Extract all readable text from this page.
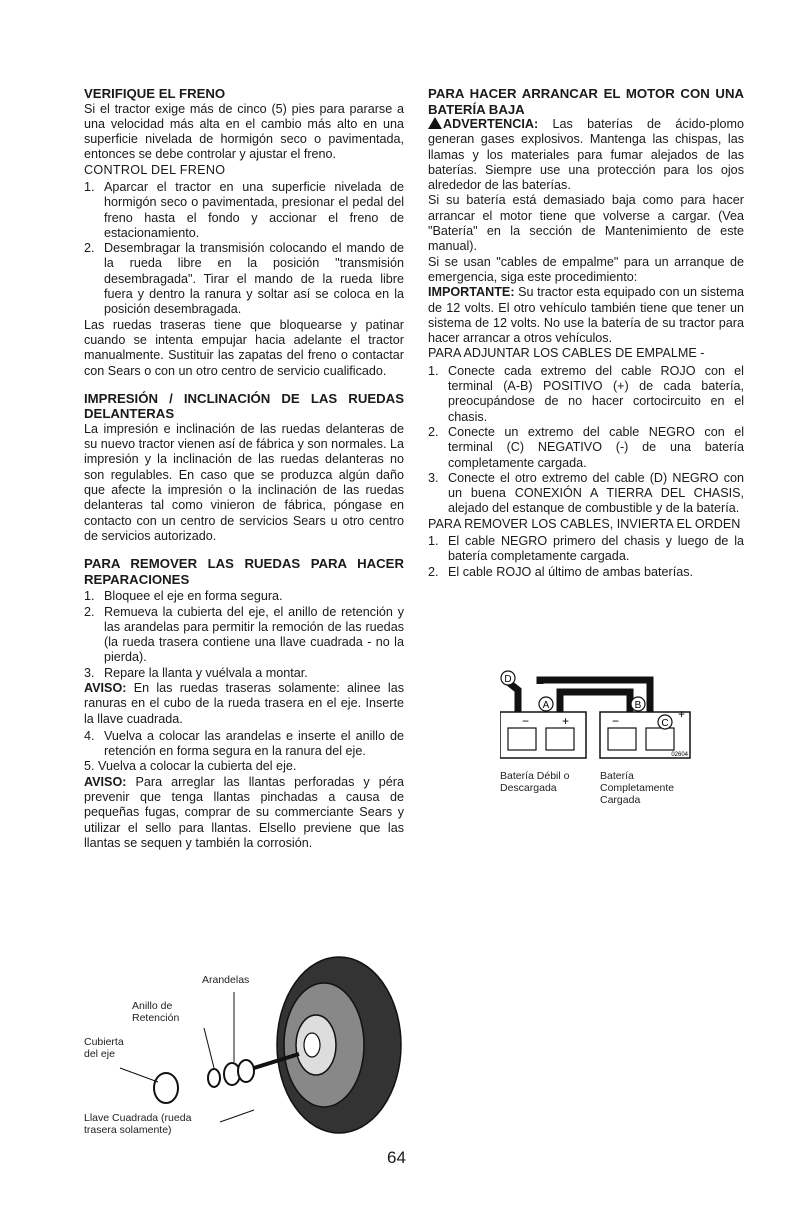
VERIFIQUE EL FRENO

Si el tractor exige más de cinco (5) pies para pararse a una velocidad más alta en el cambio más alto en una superficie nivelada de hormigón seco o pavimentada, entonces se debe controlar y ajustar el freno.

CONTROL DEL FRENO

1. Aparcar el tractor en una superficie nivelada de hormigón seco o pavimentada, presionar el pedal del freno hasta el fondo y accionar el freno de estacionamiento.
2. Desembragar la transmisión colocando el mando de la rueda libre en la posición "transmisión desembragada". Tirar el mando de la rueda libre fuera y dentro la ranura y soltar así se coloca en la posición desembragada.

Las ruedas traseras tiene que bloquearse y patinar cuando se intenta empujar hacia adelante el tractor manualmente. Sustituir las zapatas del freno o contactar con Sears o con un otro centro de servicio cualificado.

IMPRESIÓN / INCLINACIÓN DE LAS RUEDAS DELANTERAS

La impresión e inclinación de las ruedas delanteras de su nuevo tractor vienen así de fábrica y son normales. La impresión y la inclinación de las ruedas delanteras no son regulables. En caso que se produzca algún daño que afecte la impresión o la inclinación de las ruedas delanteras tal como vinieron de fábrica, póngase en contacto con un centro de servicios Sears u otro centro de servicios autorizado.

PARA REMOVER LAS RUEDAS PARA HACER REPARACIONES

1. Bloquee el eje en forma segura.
2. Remueva la cubierta del eje, el anillo de retención y las arandelas para permitir la remoción de las ruedas (la rueda trasera contiene una llave cuadrada - no la pierda).
3. Repare la llanta y vuélvala a montar.

AVISO: En las ruedas traseras solamente: alinee las ranuras en el cubo de la rueda trasera en el eje. Inserte la llave cuadrada.

4. Vuelva a colocar las arandelas e inserte el anillo de retención en forma segura en la ranura del eje.

5. Vuelva a colocar la cubierta del eje.

AVISO: Para arreglar las llantas perforadas y péra prevenir que tenga llantas pinchadas a causa de pequeñas fugas, comprar de su commerciante Sears y utilizar el sello para llantas. Elsello previene que las llantas se sequen y también la corrosión.

PARA HACER ARRANCAR EL MOTOR CON UNA BATERÍA BAJA

ADVERTENCIA: Las baterías de ácido-plomo generan gases explosivos. Mantenga las chispas, las llamas y los materiales para fumar alejados de las baterías. Siempre use una protección para los ojos alrededor de las baterías.

Si su batería está demasiado baja como para hacer arrancar el motor tiene que volverse a cargar. (Vea "Batería" en la sección de Mantenimiento de este manual).

Si se usan "cables de empalme" para un arranque de emergencia, siga este procedimiento:

IMPORTANTE: Su tractor esta equipado con un sistema de 12 volts. El otro vehículo también tiene que tener un sistema de 12 volts. No use la batería de su tractor para hacer arrancar a otros vehículos.

PARA ADJUNTAR LOS CABLES DE EMPALME -

1. Conecte cada extremo del cable ROJO con el terminal (A-B) POSITIVO (+) de cada batería, preocupándose de no hacer cortocircuito en el chasis.
2. Conecte un extremo del cable NEGRO con el terminal (C) NEGATIVO (-) de una batería completamente cargada.
3. Conecte el otro extremo del cable (D) NEGRO con un buena CONEXIÓN A TIERRA DEL CHASIS, alejado del estanque de combustible y de la batería.

PARA REMOVER LOS CABLES, INVIERTA EL ORDEN

1. El cable NEGRO primero del chasis y luego de la batería completamente cargada.
2. El cable ROJO al último de ambas baterías.
D
A	B
C
−	+	−	+
02604
Batería Débil o
Descargada
Batería
Completamente
Cargada
Arandelas
Anillo de
Retención
Cubierta
del eje
Llave Cuadrada (rueda
trasera solamente)
64
